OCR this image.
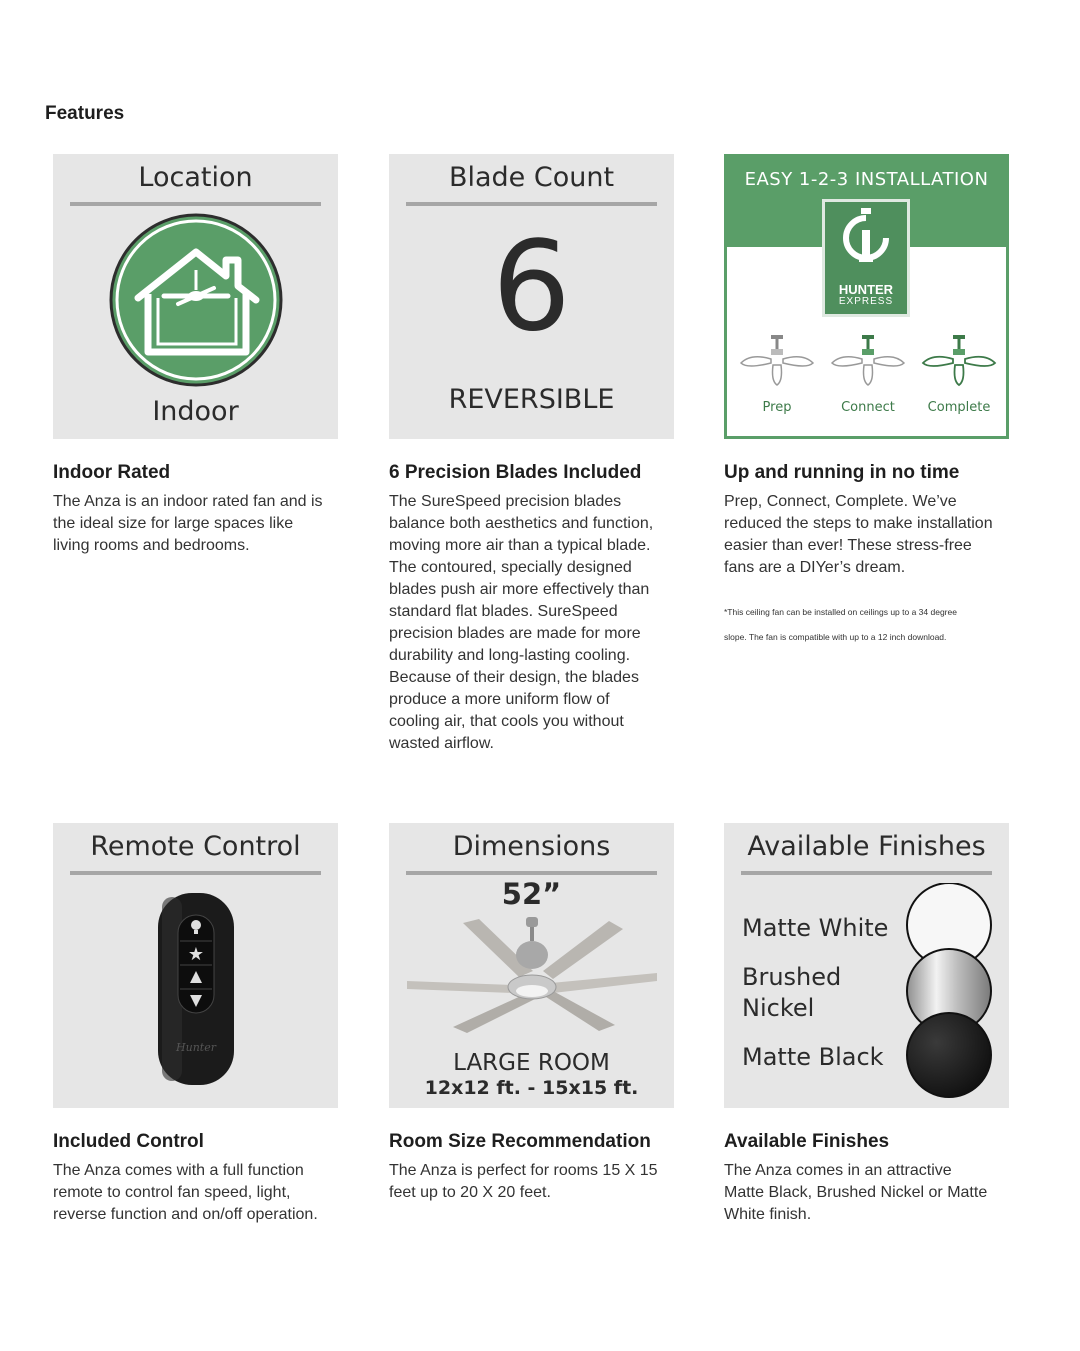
Features
Location
Indoor
Blade Count
6
REVERSIBLE
EASY 1-2-3 INSTALLATION
HUNTER
EXPRESS
Prep	Connect	Complete
Indoor Rated
The Anza is an indoor rated fan and is
the ideal size for large spaces like
living rooms and bedrooms.
6 Precision Blades Included
The SureSpeed precision blades
balance both aesthetics and function,
moving more air than a typical blade.
The contoured, specially designed
blades push air more effectively than
standard flat blades. SureSpeed
precision blades are made for more
durability and long-lasting cooling.
Because of their design, the blades
produce a more uniform flow of
cooling air, that cools you without
wasted airflow.
Up and running in no time
Prep, Connect, Complete. We’ve
reduced the steps to make installation
easier than ever! These stress-free
fans are a DIYer’s dream.
*This ceiling fan can be installed on ceilings up to a 34 degree
slope. The fan is compatible with up to a 12 inch download.
Remote Control
★
Hunter
Dimensions
52”
LARGE ROOM
12x12 ft. - 15x15 ft.
Available Finishes
Matte White
Brushed
Nickel
Matte Black
Included Control
The Anza comes with a full function
remote to control fan speed, light,
reverse function and on/off operation.
Room Size Recommendation
The Anza is perfect for rooms 15 X 15
feet up to 20 X 20 feet.
Available Finishes
The Anza comes in an attractive
Matte Black, Brushed Nickel or Matte
White finish.
